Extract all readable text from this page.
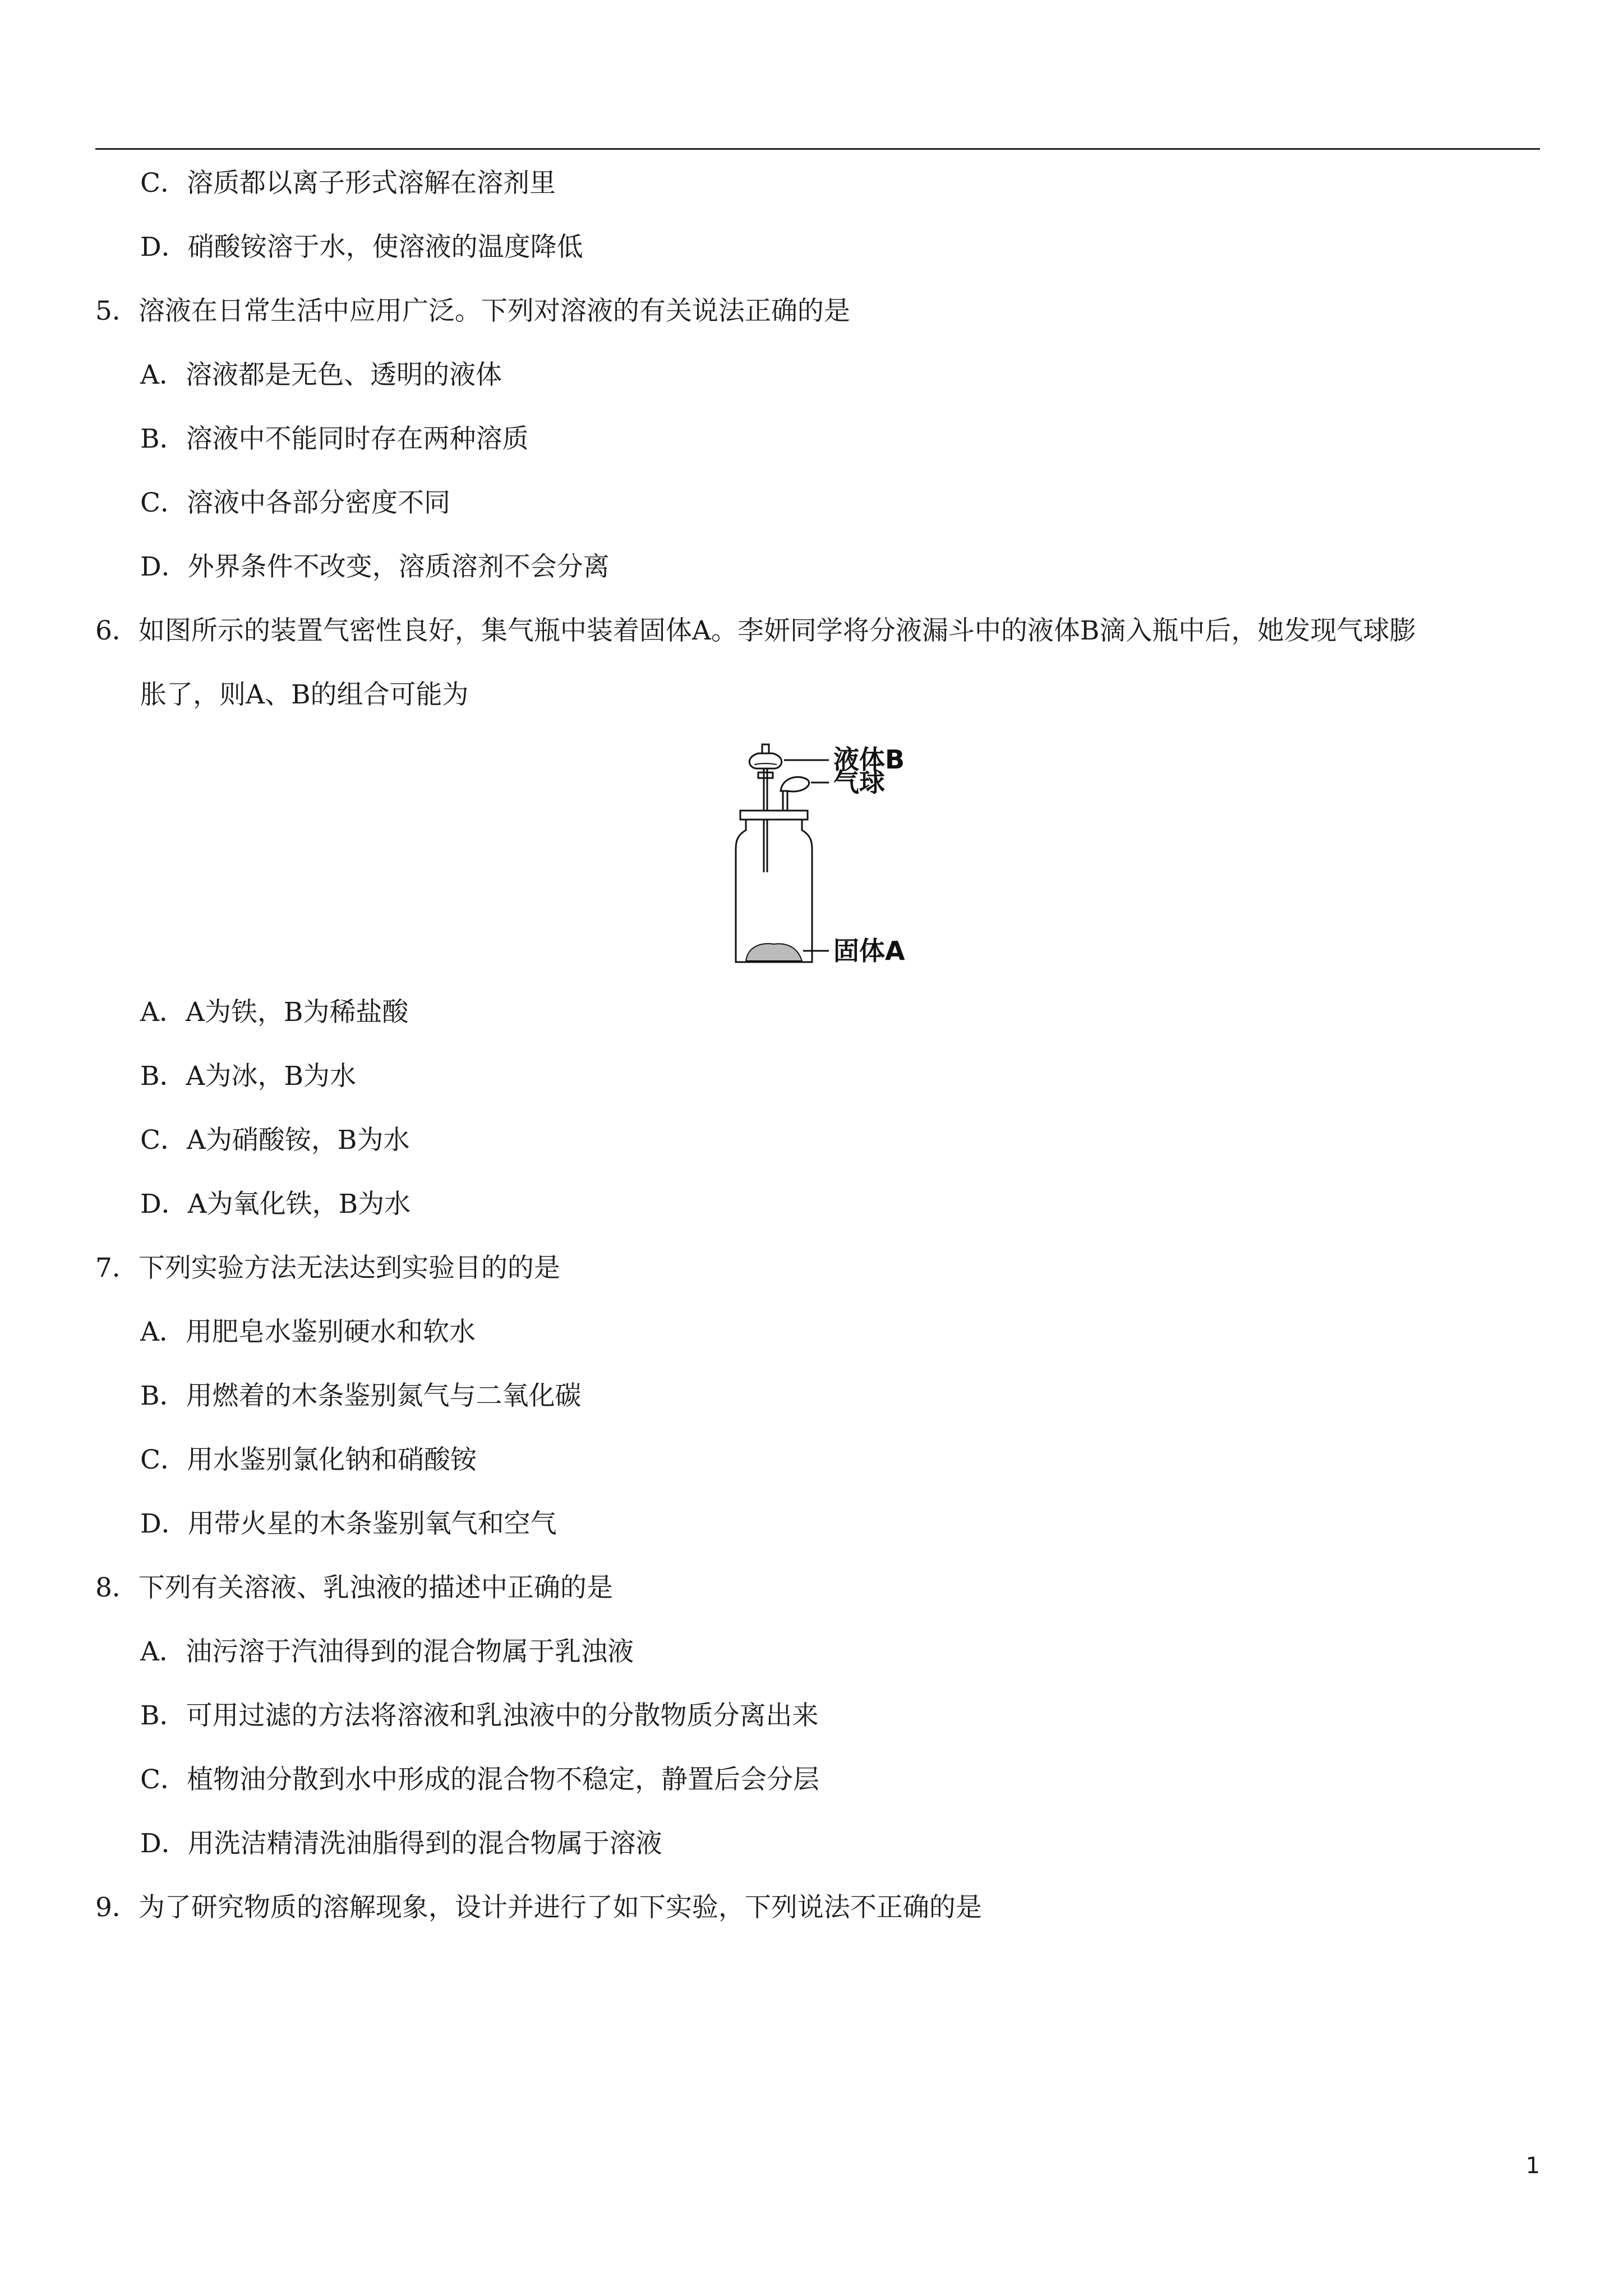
C．溶质都以离子形式溶解在溶剂里
D．硝酸铵溶于水，使溶液的温度降低
5．溶液在日常生活中应用广泛。下列对溶液的有关说法正确的是
A．溶液都是无色、透明的液体
B．溶液中不能同时存在两种溶质
C．溶液中各部分密度不同
D．外界条件不改变，溶质溶剂不会分离
6．如图所示的装置气密性良好，集气瓶中装着固体A。李妍同学将分液漏斗中的液体B滴入瓶中后，她发现气球膨
胀了，则A、B的组合可能为
液体B
气球
固体A
A．A为铁，B为稀盐酸
B．A为冰，B为水
C．A为硝酸铵，B为水
D．A为氧化铁，B为水
7．下列实验方法无法达到实验目的的是
A．用肥皂水鉴别硬水和软水
B．用燃着的木条鉴别氮气与二氧化碳
C．用水鉴别氯化钠和硝酸铵
D．用带火星的木条鉴别氧气和空气
8．下列有关溶液、乳浊液的描述中正确的是
A．油污溶于汽油得到的混合物属于乳浊液
B．可用过滤的方法将溶液和乳浊液中的分散物质分离出来
C．植物油分散到水中形成的混合物不稳定，静置后会分层
D．用洗洁精清洗油脂得到的混合物属于溶液
9．为了研究物质的溶解现象，设计并进行了如下实验，下列说法不正确的是
1
